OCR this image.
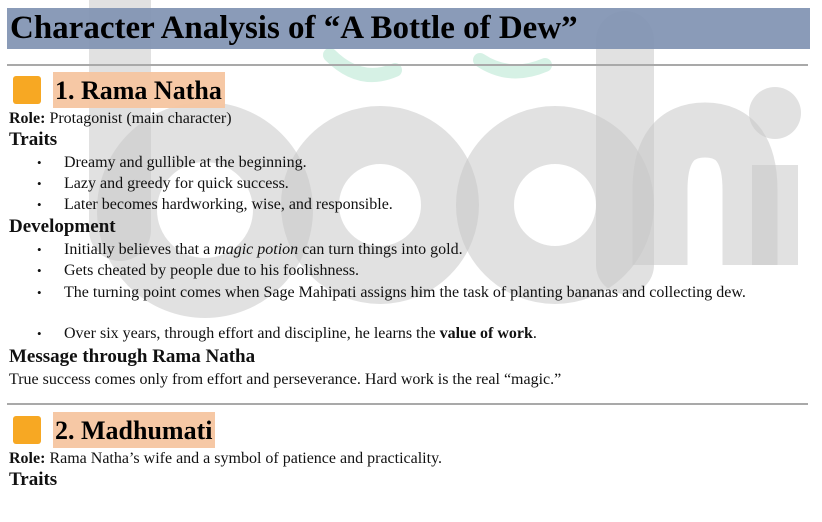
Character Analysis of “A Bottle of Dew”
1. Rama Natha
Role: Protagonist (main character)
Traits
• Dreamy and gullible at the beginning.
• Lazy and greedy for quick success.
• Later becomes hardworking, wise, and responsible.
Development
• Initially believes that a magic potion can turn things into gold.
• Gets cheated by people due to his foolishness.
• The turning point comes when Sage Mahipati assigns him the task of planting bananas and collecting dew.
• Over six years, through effort and discipline, he learns the value of work.
Message through Rama Natha
True success comes only from effort and perseverance. Hard work is the real “magic.”
2. Madhumati
Role: Rama Natha’s wife and a symbol of patience and practicality.
Traits
